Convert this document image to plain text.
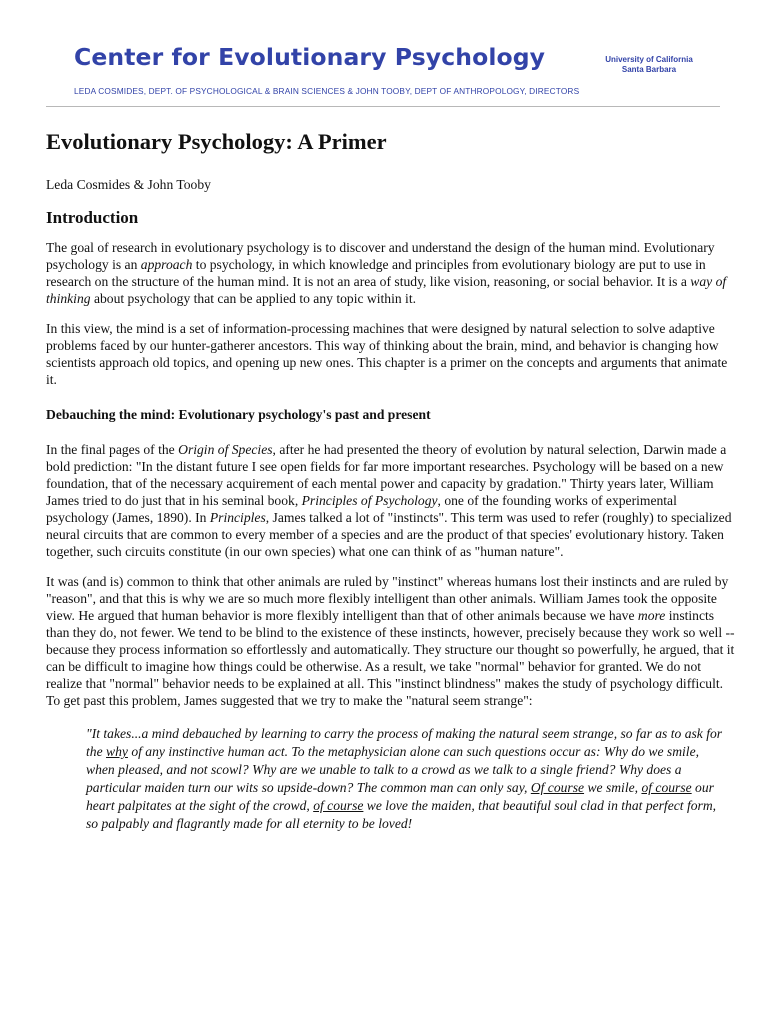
Center for Evolutionary Psychology	University of California
Santa Barbara
LEDA COSMIDES, DEPT. OF PSYCHOLOGICAL & BRAIN SCIENCES & JOHN TOOBY, DEPT OF ANTHROPOLOGY, DIRECTORS
Evolutionary Psychology: A Primer
Leda Cosmides & John Tooby
Introduction

The goal of research in evolutionary psychology is to discover and understand the design of the human mind. Evolutionary psychology is an approach to psychology, in which knowledge and principles from evolutionary biology are put to use in research on the structure of the human mind. It is not an area of study, like vision, reasoning, or social behavior. It is a way of thinking about psychology that can be applied to any topic within it.

In this view, the mind is a set of information-processing machines that were designed by natural selection to solve adaptive problems faced by our hunter-gatherer ancestors. This way of thinking about the brain, mind, and behavior is changing how scientists approach old topics, and opening up new ones. This chapter is a primer on the concepts and arguments that animate it.

Debauching the mind: Evolutionary psychology's past and present

In the final pages of the Origin of Species, after he had presented the theory of evolution by natural selection, Darwin made a bold prediction: "In the distant future I see open fields for far more important researches. Psychology will be based on a new foundation, that of the necessary acquirement of each mental power and capacity by gradation." Thirty years later, William James tried to do just that in his seminal book, Principles of Psychology, one of the founding works of experimental psychology (James, 1890). In Principles, James talked a lot of "instincts". This term was used to refer (roughly) to specialized neural circuits that are common to every member of a species and are the product of that species' evolutionary history. Taken together, such circuits constitute (in our own species) what one can think of as "human nature".

It was (and is) common to think that other animals are ruled by "instinct" whereas humans lost their instincts and are ruled by "reason", and that this is why we are so much more flexibly intelligent than other animals. William James took the opposite view. He argued that human behavior is more flexibly intelligent than that of other animals because we have more instincts than they do, not fewer. We tend to be blind to the existence of these instincts, however, precisely because they work so well -- because they process information so effortlessly and automatically. They structure our thought so powerfully, he argued, that it can be difficult to imagine how things could be otherwise. As a result, we take "normal" behavior for granted. We do not realize that "normal" behavior needs to be explained at all. This "instinct blindness" makes the study of psychology difficult. To get past this problem, James suggested that we try to make the "natural seem strange":

"It takes...a mind debauched by learning to carry the process of making the natural seem strange, so far as to ask for the why of any instinctive human act. To the metaphysician alone can such questions occur as: Why do we smile, when pleased, and not scowl? Why are we unable to talk to a crowd as we talk to a single friend? Why does a particular maiden turn our wits so upside-down? The common man can only say, Of course we smile, of course our heart palpitates at the sight of the crowd, of course we love the maiden, that beautiful soul clad in that perfect form, so palpably and flagrantly made for all eternity to be loved!
